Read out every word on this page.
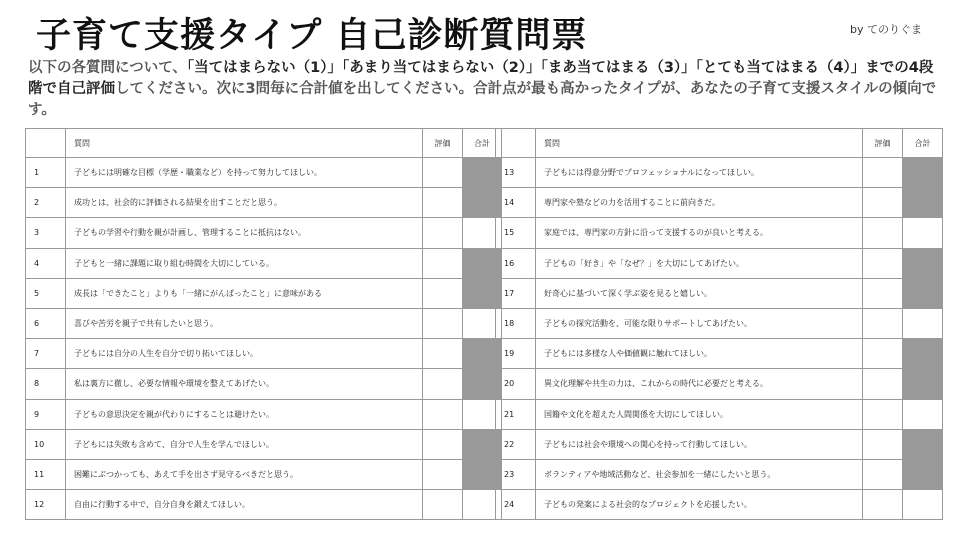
子育て支援タイプ 自己診断質問票	by てのりぐま
以下の各質問について、「当てはまらない（1）」「あまり当てはまらない（2）」「まあ当てはまる（3）」「とても当てはまる（4）」までの4段階で自己評価してください。次に3問毎に合計値を出してください。合計点が最も高かったタイプが、あなたの子育て支援スタイルの傾向です。
	質問	評価	合計
1	子どもには明確な目標（学歴・職業など）を持って努力してほしい。		
2	成功とは、社会的に評価される結果を出すことだと思う。		
3	子どもの学習や行動を親が計画し、管理することに抵抗はない。		
4	子どもと一緒に課題に取り組む時間を大切にしている。		
5	成長は「できたこと」よりも「一緒にがんばったこと」に意味がある		
6	喜びや苦労を親子で共有したいと思う。		
7	子どもには自分の人生を自分で切り拓いてほしい。		
8	私は裏方に徹し、必要な情報や環境を整えてあげたい。		
9	子どもの意思決定を親が代わりにすることは避けたい。		
10	子どもには失敗も含めて、自分で人生を学んでほしい。		
11	困難にぶつかっても、あえて手を出さず見守るべきだと思う。		
12	自由に行動する中で、自分自身を鍛えてほしい。		
	質問	評価	合計
13	子どもには得意分野でプロフェッショナルになってほしい。		
14	専門家や塾などの力を活用することに前向きだ。		
15	家庭では、専門家の方針に沿って支援するのが良いと考える。		
16	子どもの「好き」や「なぜ？」を大切にしてあげたい。		
17	好奇心に基づいて深く学ぶ姿を見ると嬉しい。		
18	子どもの探究活動を、可能な限りサポートしてあげたい。		
19	子どもには多様な人や価値観に触れてほしい。		
20	異文化理解や共生の力は、これからの時代に必要だと考える。		
21	国籍や文化を超えた人間関係を大切にしてほしい。		
22	子どもには社会や環境への関心を持って行動してほしい。		
23	ボランティアや地域活動など、社会参加を一緒にしたいと思う。		
24	子どもの発案による社会的なプロジェクトを応援したい。		
